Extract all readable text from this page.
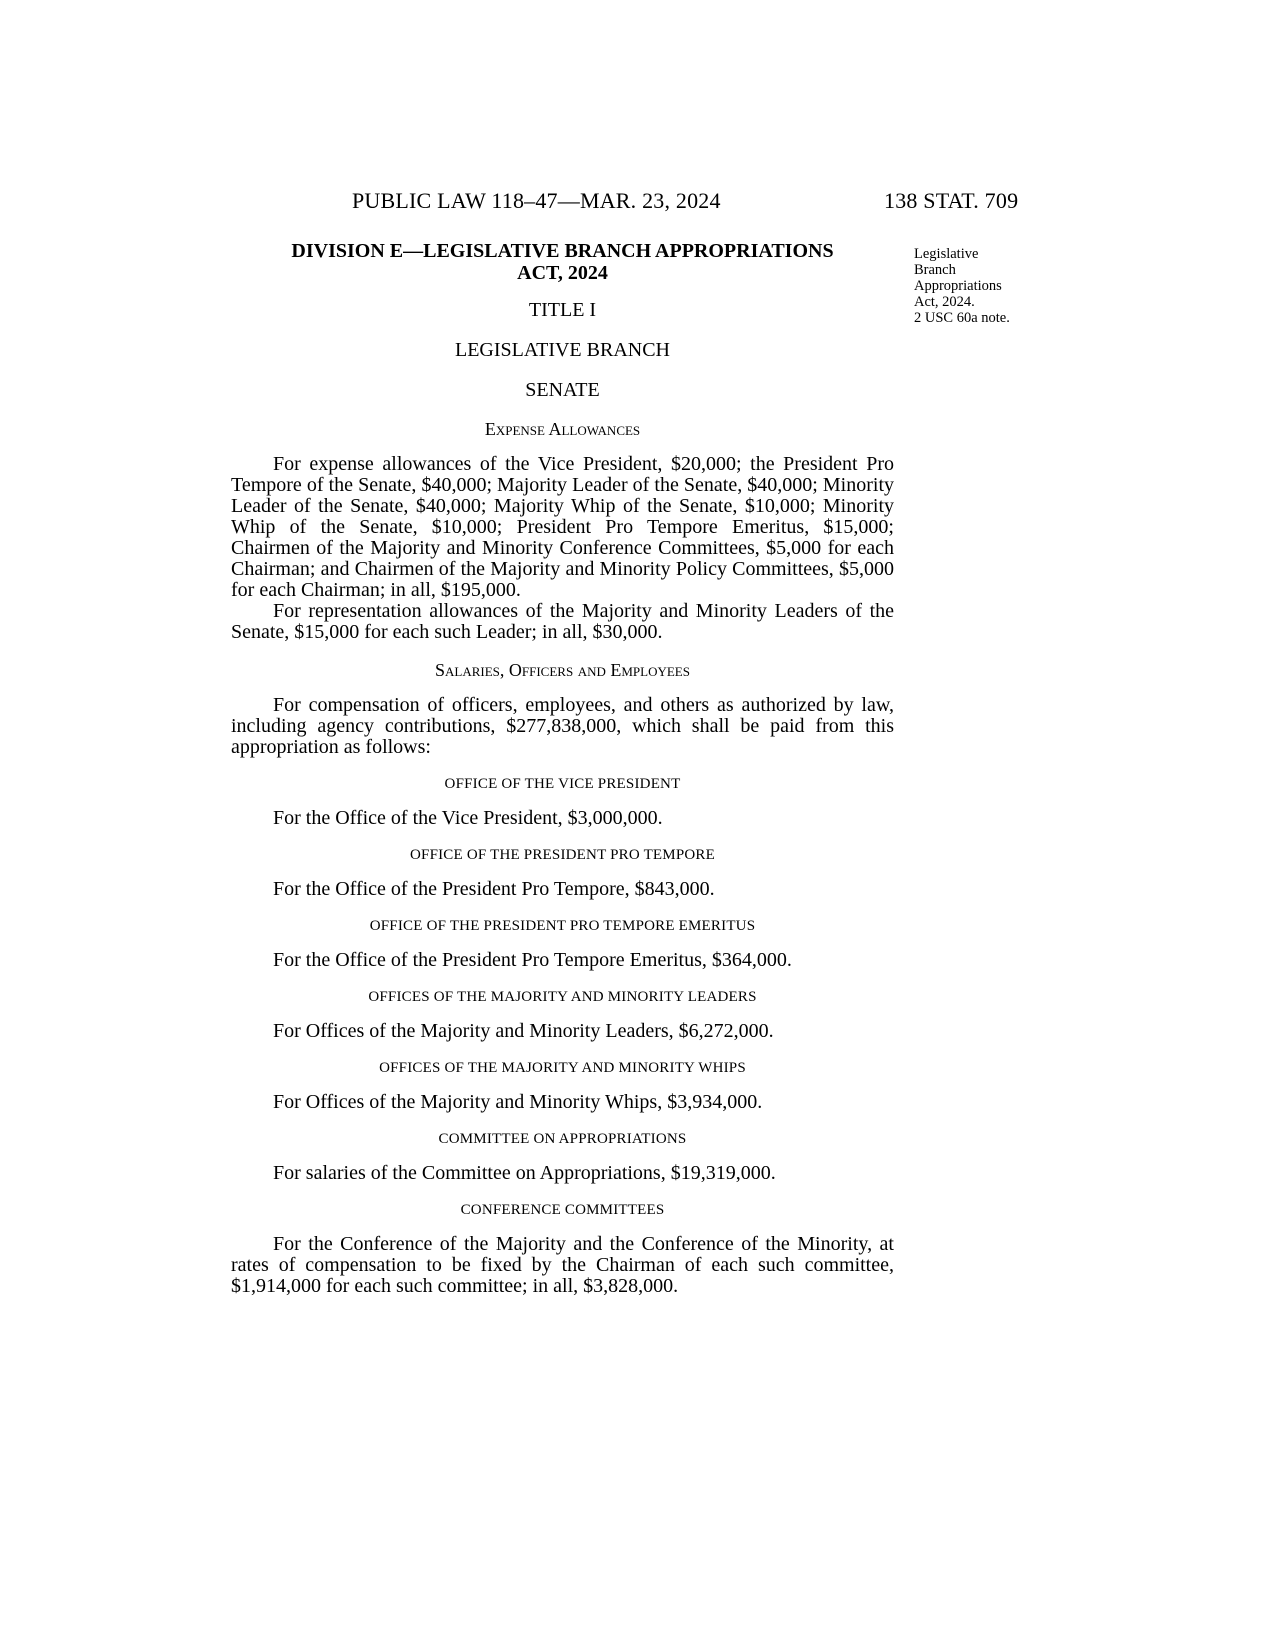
PUBLIC LAW 118–47—MAR. 23, 2024	138 STAT. 709
Legislative
Branch
Appropriations
Act, 2024.
2 USC 60a note.
DIVISION E—LEGISLATIVE BRANCH APPROPRIATIONS
ACT, 2024
TITLE I
LEGISLATIVE BRANCH
SENATE
Expense Allowances

For expense allowances of the Vice President, $20,000; the President Pro Tempore of the Senate, $40,000; Majority Leader of the Senate, $40,000; Minority Leader of the Senate, $40,000; Majority Whip of the Senate, $10,000; Minority Whip of the Senate, $10,000; President Pro Tempore Emeritus, $15,000; Chairmen of the Majority and Minority Conference Committees, $5,000 for each Chairman; and Chairmen of the Majority and Minority Policy Committees, $5,000 for each Chairman; in all, $195,000.

For representation allowances of the Majority and Minority Leaders of the Senate, $15,000 for each such Leader; in all, $30,000.

Salaries, Officers and Employees

For compensation of officers, employees, and others as authorized by law, including agency contributions, $277,838,000, which shall be paid from this appropriation as follows:

OFFICE OF THE VICE PRESIDENT

For the Office of the Vice President, $3,000,000.

OFFICE OF THE PRESIDENT PRO TEMPORE

For the Office of the President Pro Tempore, $843,000.

OFFICE OF THE PRESIDENT PRO TEMPORE EMERITUS

For the Office of the President Pro Tempore Emeritus, $364,000.

OFFICES OF THE MAJORITY AND MINORITY LEADERS

For Offices of the Majority and Minority Leaders, $6,272,000.

OFFICES OF THE MAJORITY AND MINORITY WHIPS

For Offices of the Majority and Minority Whips, $3,934,000.

COMMITTEE ON APPROPRIATIONS

For salaries of the Committee on Appropriations, $19,319,000.

CONFERENCE COMMITTEES

For the Conference of the Majority and the Conference of the Minority, at rates of compensation to be fixed by the Chairman of each such committee, $1,914,000 for each such committee; in all, $3,828,000.
